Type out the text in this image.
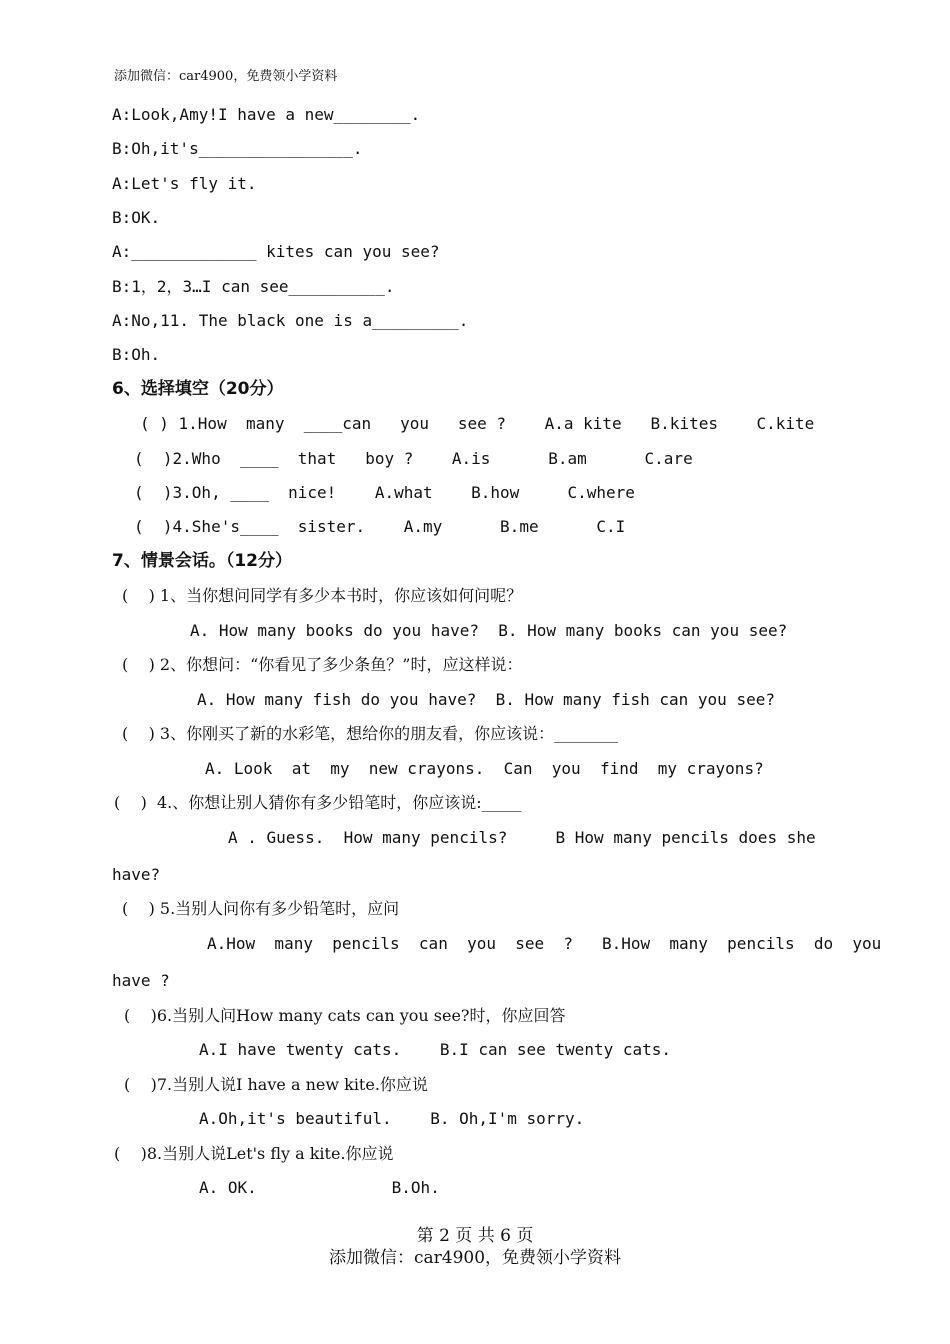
添加微信：car4900，免费领小学资料
A:Look,Amy!I have a new________.
B:Oh,it's________________.
A:Let's fly it.
B:OK.
A:_____________ kites can you see?
B:1，2，3…I can see__________.
A:No,11. The black one is a_________.
B:Oh.
6、选择填空（20分）
( ) 1.How  many  ____can   you   see ?    A.a kite   B.kites    C.kite
(  )2.Who  ____  that   boy ?    A.is      B.am      C.are
(  )3.Oh, ____  nice!    A.what    B.how     C.where
(  )4.She's____  sister.    A.my      B.me      C.I
7、情景会话。（12分）
(    ) 1、当你想问同学有多少本书时，你应该如何问呢？
A. How many books do you have?  B. How many books can you see?
(    ) 2、你想问：“你看见了多少条鱼？”时，应这样说：
A. How many fish do you have?  B. How many fish can you see?
(    ) 3、你刚买了新的水彩笔，想给你的朋友看，你应该说：________
A. Look  at  my  new crayons.  Can  you  find  my crayons?
(    )  4.、你想让别人猜你有多少铅笔时，你应该说:_____
A . Guess.  How many pencils?     B How many pencils does she
have?
(    ) 5.当别人问你有多少铅笔时，应问
A.How  many  pencils  can  you  see  ?   B.How  many  pencils  do  you
have ?
(    )6.当别人问How many cats can you see?时，你应回答
A.I have twenty cats.    B.I can see twenty cats.
(    )7.当别人说I have a new kite.你应说
A.Oh,it's beautiful.    B. Oh,I'm sorry.
(    )8.当别人说Let's fly a kite.你应说
A. OK.              B.Oh.
第 2 页 共 6 页
添加微信：car4900，免费领小学资料
